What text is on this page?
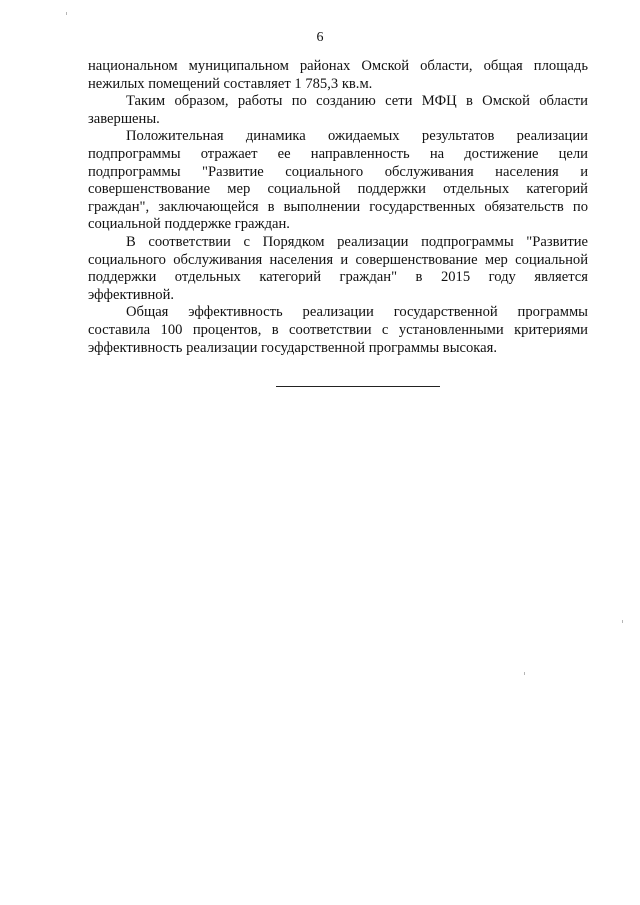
6
национальном муниципальном районах Омской области, общая площадь
нежилых помещений составляет 1 785,3 кв.м.
Таким образом, работы по созданию сети МФЦ в Омской области
завершены.
Положительная динамика ожидаемых результатов реализации
подпрограммы отражает ее направленность на достижение цели
подпрограммы "Развитие социального обслуживания населения и
совершенствование мер социальной поддержки отдельных категорий
граждан", заключающейся в выполнении государственных обязательств по
социальной поддержке граждан.
В соответствии с Порядком реализации подпрограммы "Развитие
социального обслуживания населения и совершенствование мер социальной
поддержки отдельных категорий граждан" в 2015 году является
эффективной.
Общая эффективность реализации государственной программы
составила 100 процентов, в соответствии с установленными критериями
эффективность реализации государственной программы высокая.
